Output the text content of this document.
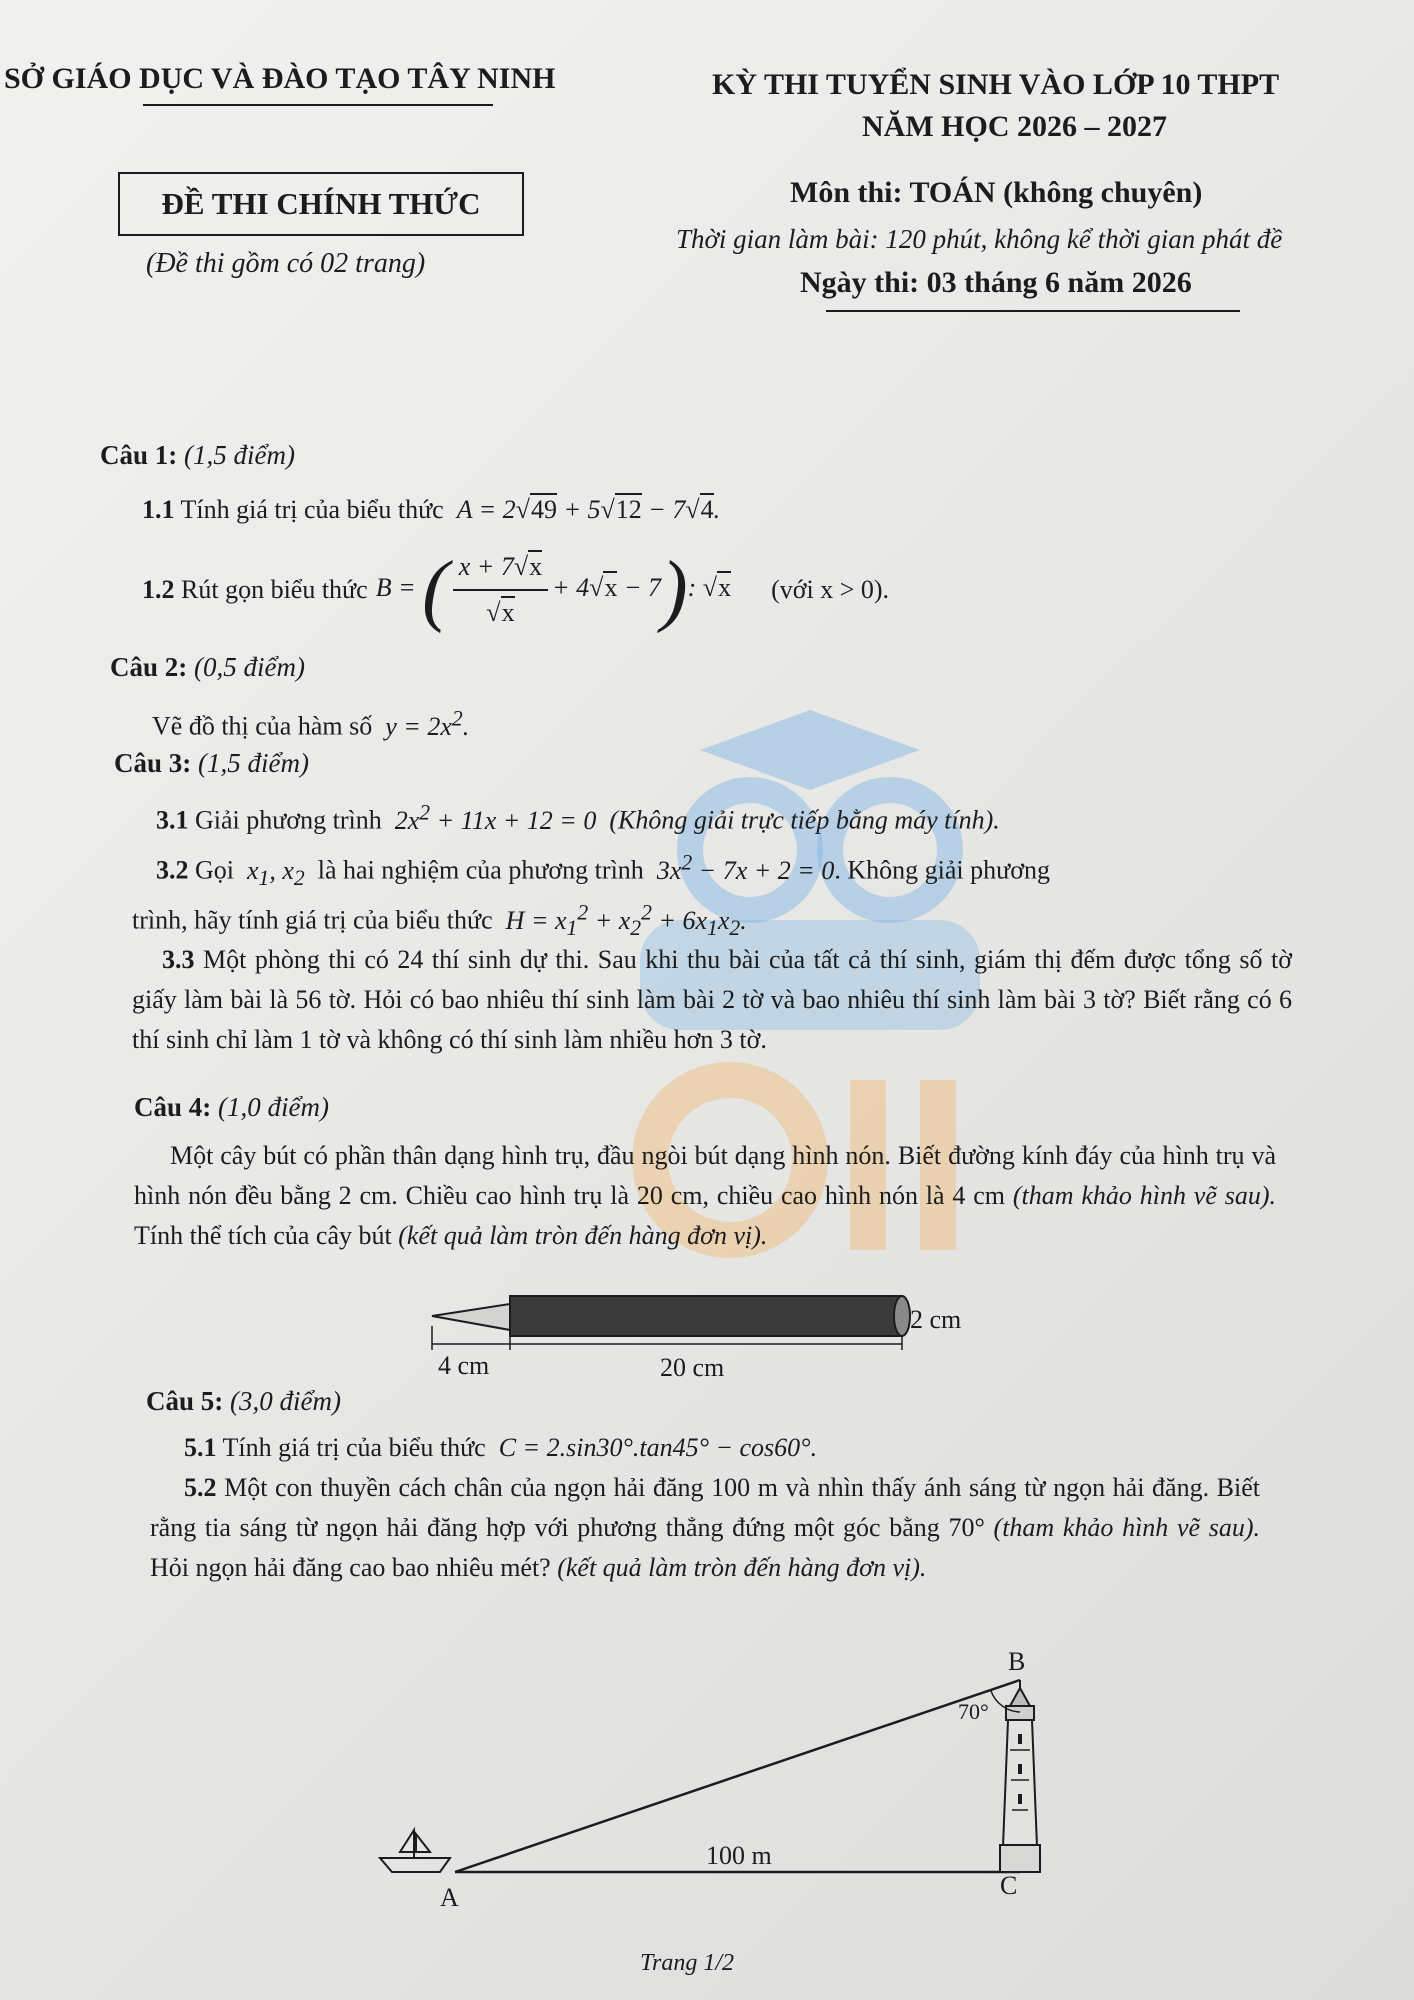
SỞ GIÁO DỤC VÀ ĐÀO TẠO TÂY NINH
ĐỀ THI CHÍNH THỨC
(Đề thi gồm có 02 trang)
KỲ THI TUYỂN SINH VÀO LỚP 10 THPT
NĂM HỌC 2026 – 2027
Môn thi: TOÁN (không chuyên)
Thời gian làm bài: 120 phút, không kể thời gian phát đề
Ngày thi: 03 tháng 6 năm 2026
Câu 1: (1,5 điểm)
1.1 Tính giá trị của biểu thức  A = 2√49 + 5√12 − 7√4.
1.2
Rút gọn biểu thức B = ( $\frac{x + 7√x}{√x} + 4√x - 7$): √x (với x > 0).
Câu 2: (0,5 điểm)
Vẽ đồ thị của hàm số  $y = 2x^2$.
Câu 3: (1,5 điểm)
3.1 Giải phương trình  $2x^2 + 11x + 12 = 0$  (Không giải trực tiếp bằng máy tính).
3.2 Gọi  $x_1$, $x_2$ là hai nghiệm của phương trình  $3x^2 - 7x + 2 = 0$. Không giải phương
trình, hãy tính giá trị của biểu thức  $H = x_1^2 + x_2^2 + 6x_1x_2$.
3.3 Một phòng thi có 24 thí sinh dự thi. Sau khi thu bài của tất cả thí sinh, giám thị đếm được tổng số tờ giấy làm bài là 56 tờ. Hỏi có bao nhiêu thí sinh làm bài 2 tờ và bao nhiêu thí sinh làm bài 3 tờ? Biết rằng có 6 thí sinh chỉ làm 1 tờ và không có thí sinh làm nhiều hơn 3 tờ.
Câu 4: (1,0 điểm)
Một cây bút có phần thân dạng hình trụ, đầu ngòi bút dạng hình nón. Biết đường kính đáy của hình trụ và hình nón đều bằng 2 cm. Chiều cao hình trụ là 20 cm, chiều cao hình nón là 4 cm (tham khảo hình vẽ sau). Tính thể tích của cây bút (kết quả làm tròn đến hàng đơn vị).
2 cm
4 cm	20 cm
Câu 5: (3,0 điểm)
5.1 Tính giá trị của biểu thức  C = 2.sin30°.tan45° − cos60°.
5.2 Một con thuyền cách chân của ngọn hải đăng 100 m và nhìn thấy ánh sáng từ ngọn hải đăng. Biết rằng tia sáng từ ngọn hải đăng hợp với phương thẳng đứng một góc bằng 70° (tham khảo hình vẽ sau). Hỏi ngọn hải đăng cao bao nhiêu mét? (kết quả làm tròn đến hàng đơn vị).
B
70°
A	C
100 m
Trang 1/2
